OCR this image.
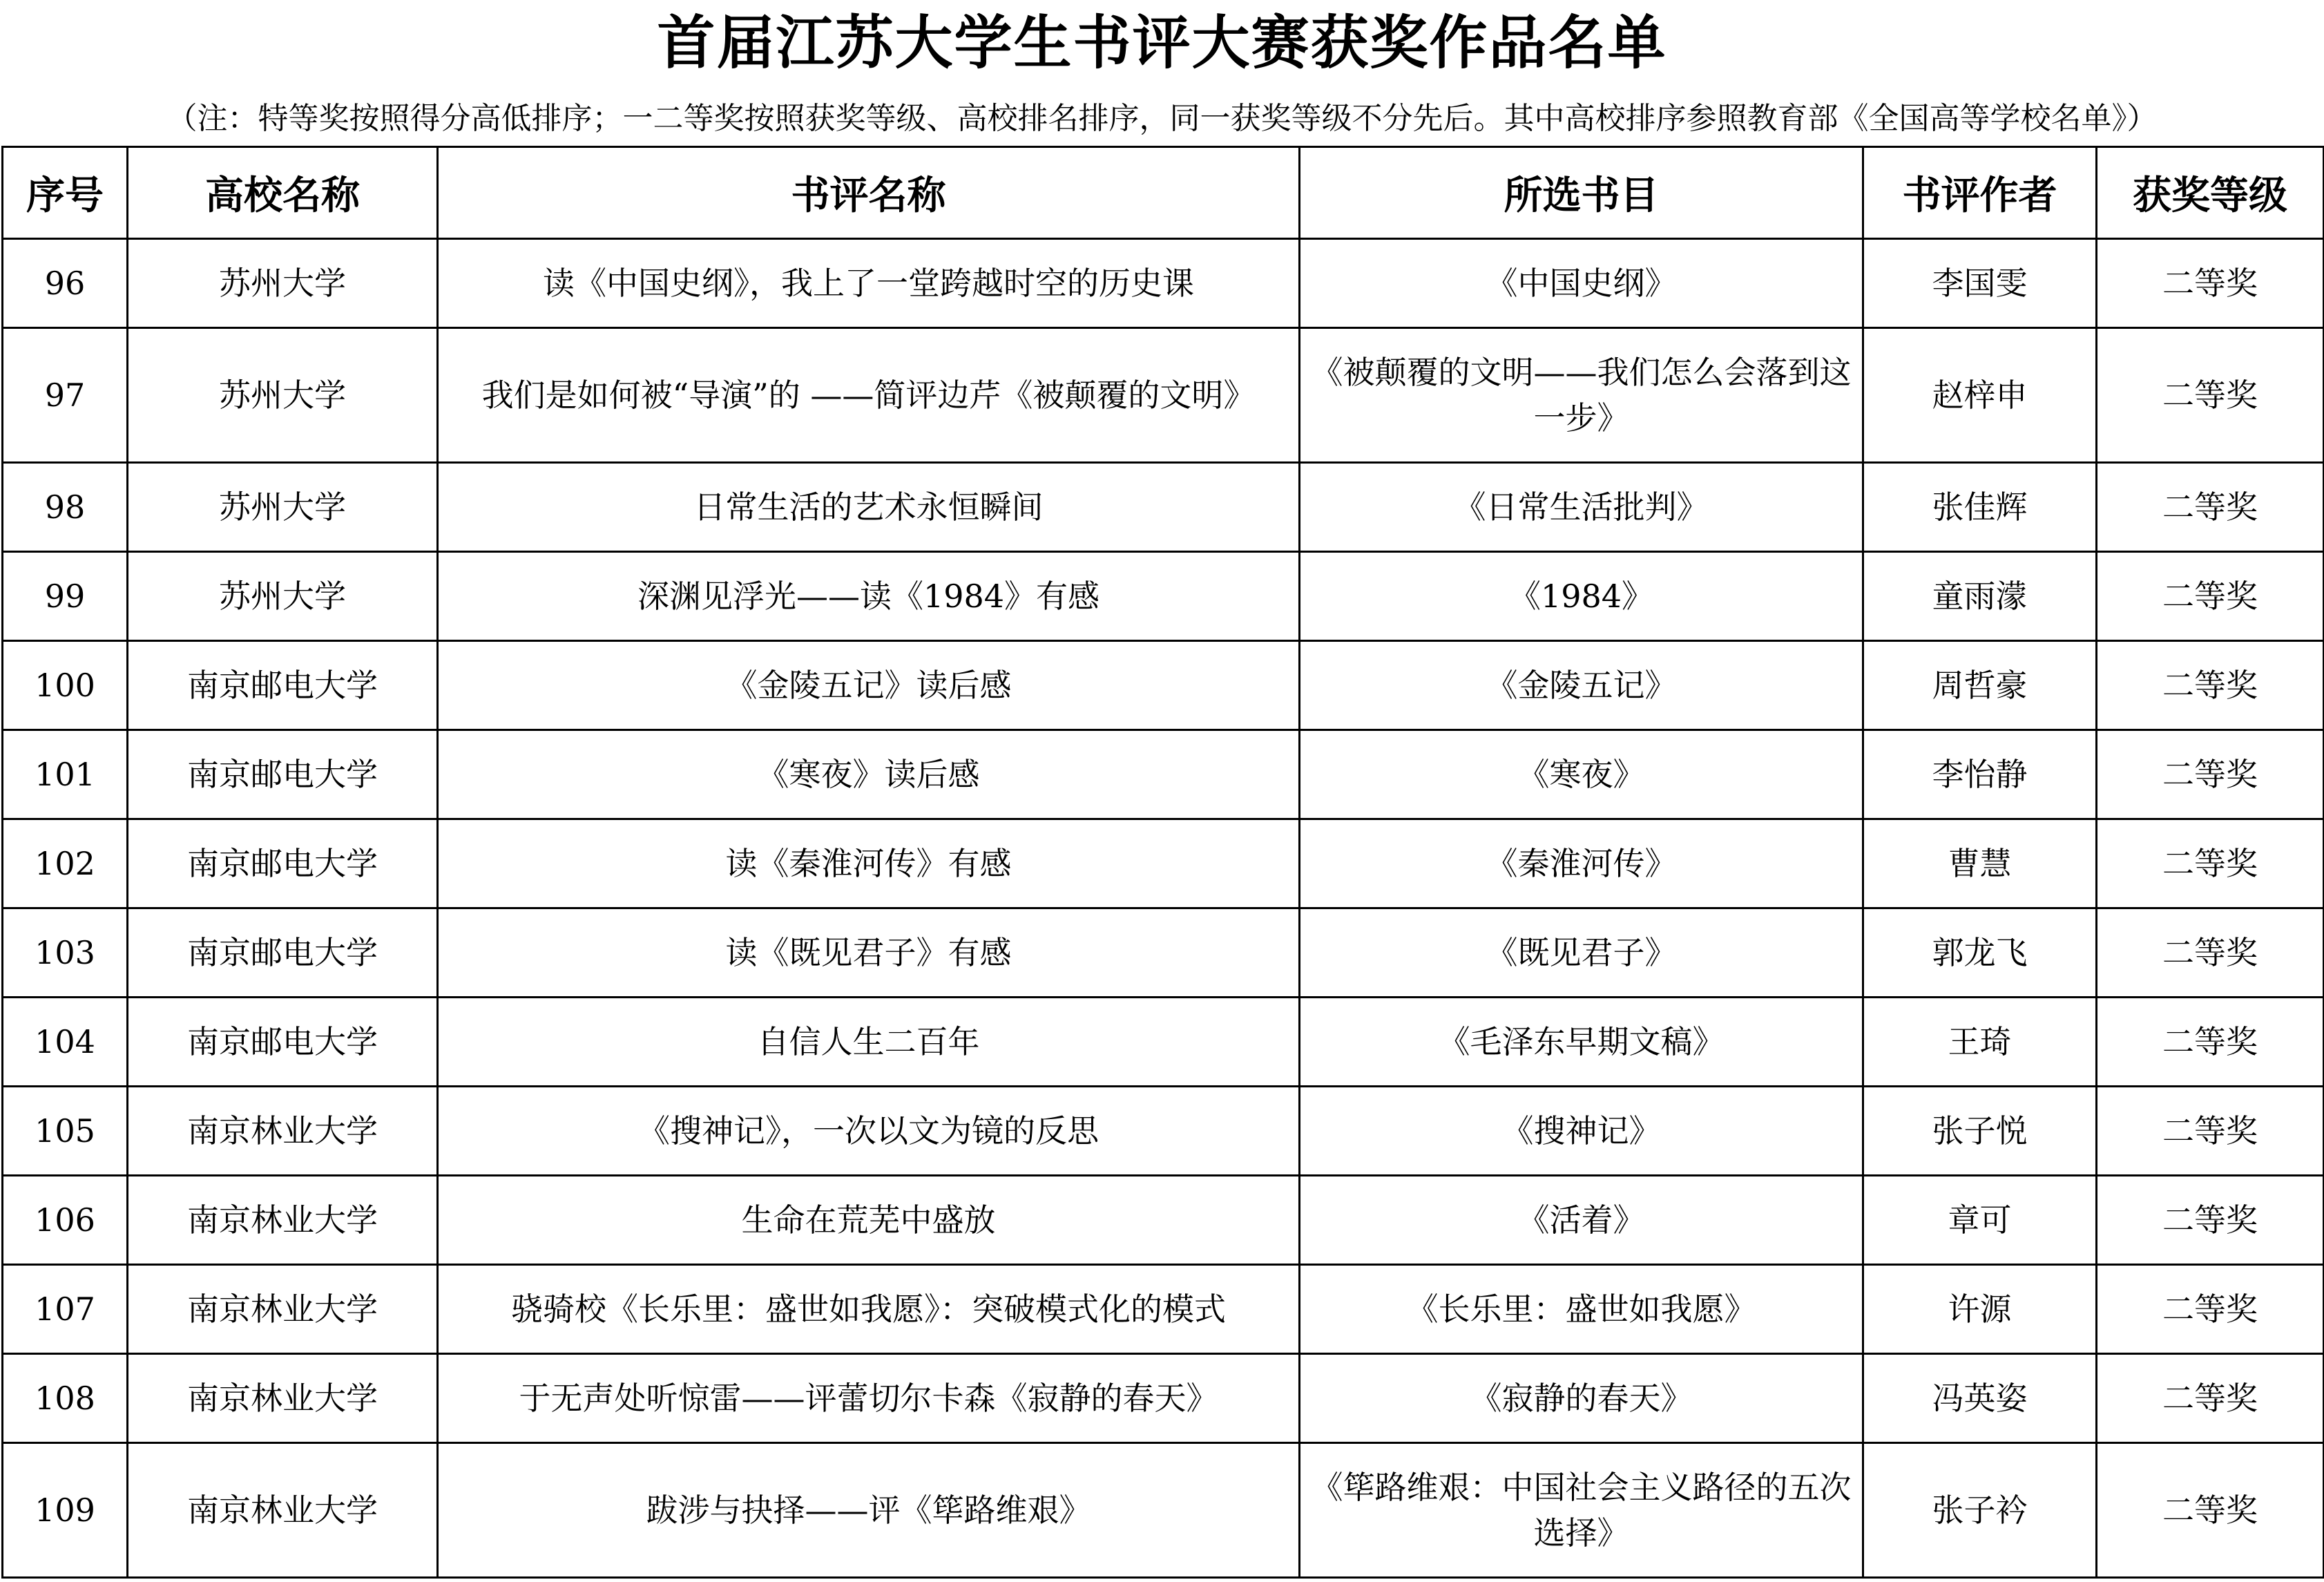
首届江苏大学生书评大赛获奖作品名单
（注：特等奖按照得分高低排序；一二等奖按照获奖等级、高校排名排序，同一获奖等级不分先后。其中高校排序参照教育部《全国高等学校名单》）
序号	高校名称	书评名称	所选书目	书评作者	获奖等级
96	苏州大学	读《中国史纲》，我上了一堂跨越时空的历史课	《中国史纲》	李国雯	二等奖
97	苏州大学	我们是如何被“导演”的 ——简评边芹《被颠覆的文明》	《被颠覆的文明——我们怎么会落到这一步》	赵梓申	二等奖
98	苏州大学	日常生活的艺术永恒瞬间	《日常生活批判》	张佳辉	二等奖
99	苏州大学	深渊见浮光——读《1984》有感	《1984》	童雨濛	二等奖
100	南京邮电大学	《金陵五记》读后感	《金陵五记》	周哲豪	二等奖
101	南京邮电大学	《寒夜》读后感	《寒夜》	李怡静	二等奖
102	南京邮电大学	读《秦淮河传》有感	《秦淮河传》	曹慧	二等奖
103	南京邮电大学	读《既见君子》有感	《既见君子》	郭龙飞	二等奖
104	南京邮电大学	自信人生二百年	《毛泽东早期文稿》	王琦	二等奖
105	南京林业大学	《搜神记》，一次以文为镜的反思	《搜神记》	张子悦	二等奖
106	南京林业大学	生命在荒芜中盛放	《活着》	章可	二等奖
107	南京林业大学	骁骑校《长乐里：盛世如我愿》：突破模式化的模式	《长乐里：盛世如我愿》	许源	二等奖
108	南京林业大学	于无声处听惊雷——评蕾切尔卡森《寂静的春天》	《寂静的春天》	冯英姿	二等奖
109	南京林业大学	跋涉与抉择——评《筚路维艰》	《筚路维艰：中国社会主义路径的五次选择》	张子衿	二等奖
